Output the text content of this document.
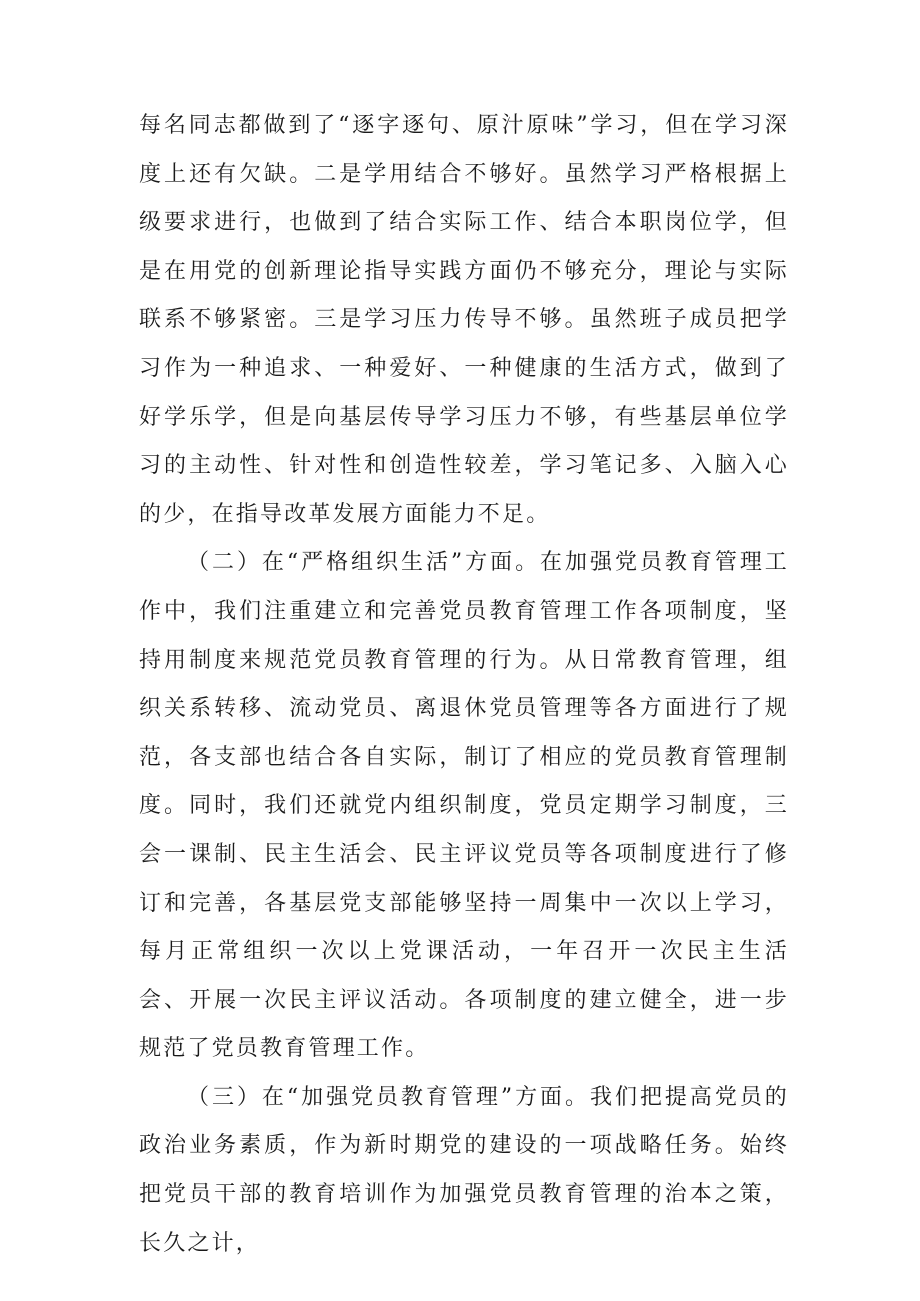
每名同志都做到了“逐字逐句、原汁原味”学习，但在学习深度上还有欠缺。二是学用结合不够好。虽然学习严格根据上级要求进行，也做到了结合实际工作、结合本职岗位学，但是在用党的创新理论指导实践方面仍不够充分，理论与实际联系不够紧密。三是学习压力传导不够。虽然班子成员把学习作为一种追求、一种爱好、一种健康的生活方式，做到了好学乐学，但是向基层传导学习压力不够，有些基层单位学习的主动性、针对性和创造性较差，学习笔记多、入脑入心的少，在指导改革发展方面能力不足。

（二）在“严格组织生活”方面。在加强党员教育管理工作中，我们注重建立和完善党员教育管理工作各项制度，坚持用制度来规范党员教育管理的行为。从日常教育管理，组织关系转移、流动党员、离退休党员管理等各方面进行了规范，各支部也结合各自实际，制订了相应的党员教育管理制度。同时，我们还就党内组织制度，党员定期学习制度，三会一课制、民主生活会、民主评议党员等各项制度进行了修订和完善，各基层党支部能够坚持一周集中一次以上学习，每月正常组织一次以上党课活动，一年召开一次民主生活会、开展一次民主评议活动。各项制度的建立健全，进一步规范了党员教育管理工作。

（三）在“加强党员教育管理”方面。我们把提高党员的政治业务素质，作为新时期党的建设的一项战略任务。始终把党员干部的教育培训作为加强党员教育管理的治本之策，长久之计，
